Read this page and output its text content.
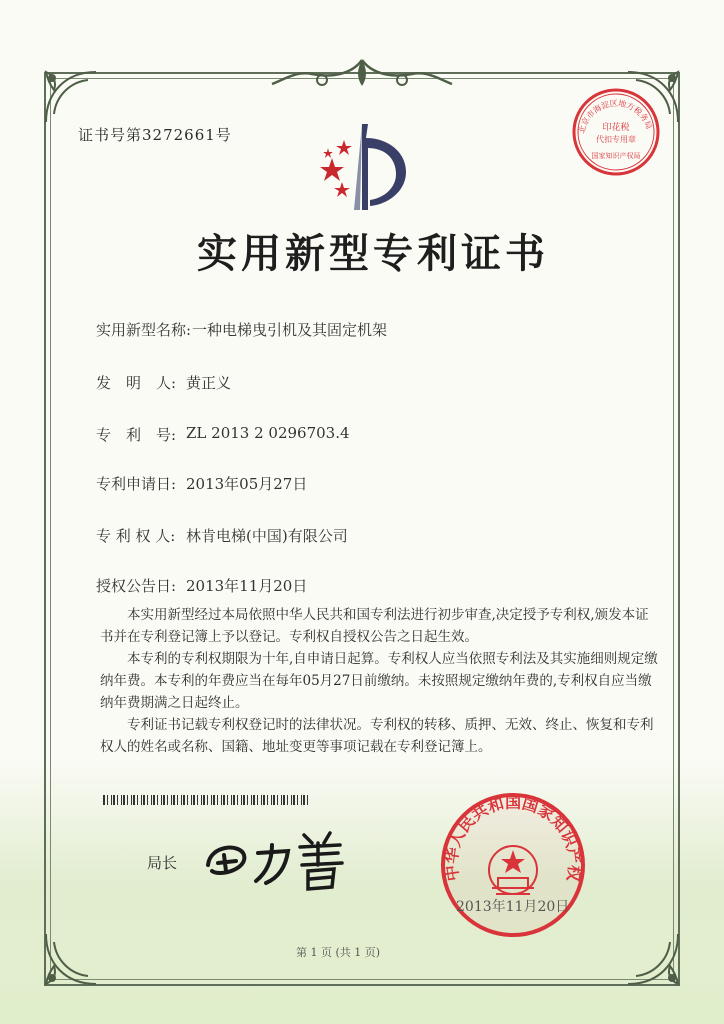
证书号第3272661号
实用新型专利证书
实用新型名称: 一种电梯曳引机及其固定机架
发　明　人: 黄正义
专　利　号: ZL 2013 2 0296703.4
专利申请日: 2013年05月27日
专 利 权 人: 林肯电梯(中国)有限公司
授权公告日: 2013年11月20日

本实用新型经过本局依照中华人民共和国专利法进行初步审查,决定授予专利权,颁发本证书并在专利登记簿上予以登记。专利权自授权公告之日起生效。

本专利的专利权期限为十年,自申请日起算。专利权人应当依照专利法及其实施细则规定缴纳年费。本专利的年费应当在每年05月27日前缴纳。未按照规定缴纳年费的,专利权自应当缴纳年费期满之日起终止。

专利证书记载专利权登记时的法律状况。专利权的转移、质押、无效、终止、恢复和专利权人的姓名或名称、国籍、地址变更等事项记载在专利登记簿上。

局长
北京市海淀区地方税务局
印花税
代扣专用章
国家知识产权局
中华人民共和国国家知识产权
2013年11月20日
第 1 页 (共 1 页)
